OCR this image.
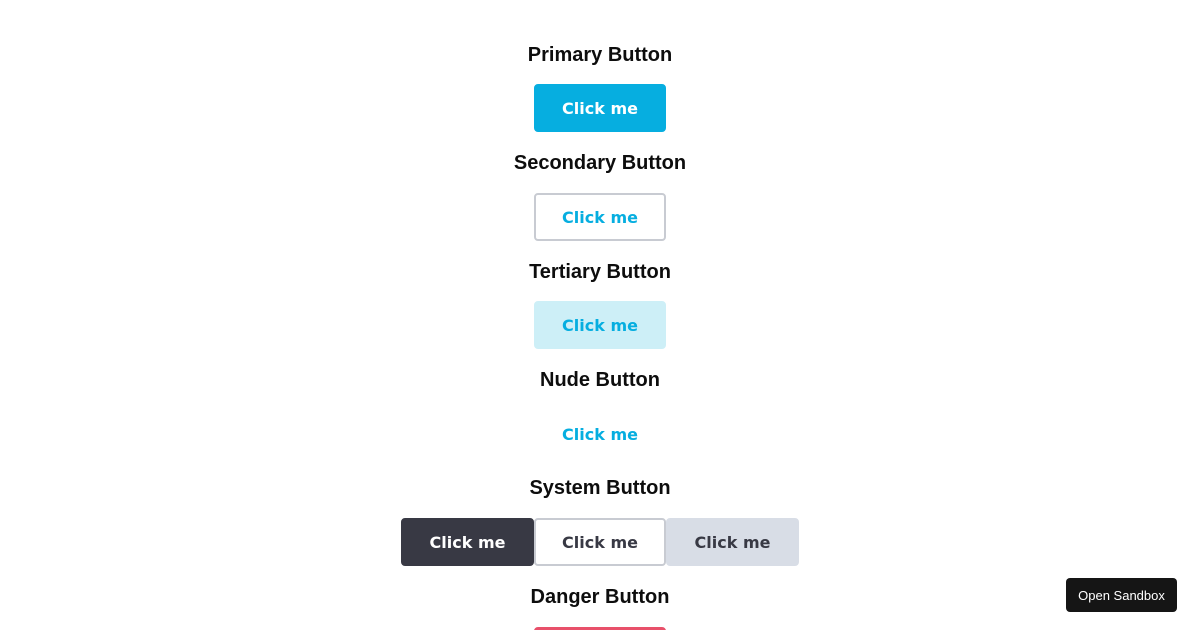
Primary Button
Click me
Secondary Button
Click me
Tertiary Button
Click me
Nude Button
Click me
System Button
Click me	Click me	Click me
Danger Button	Open Sandbox
